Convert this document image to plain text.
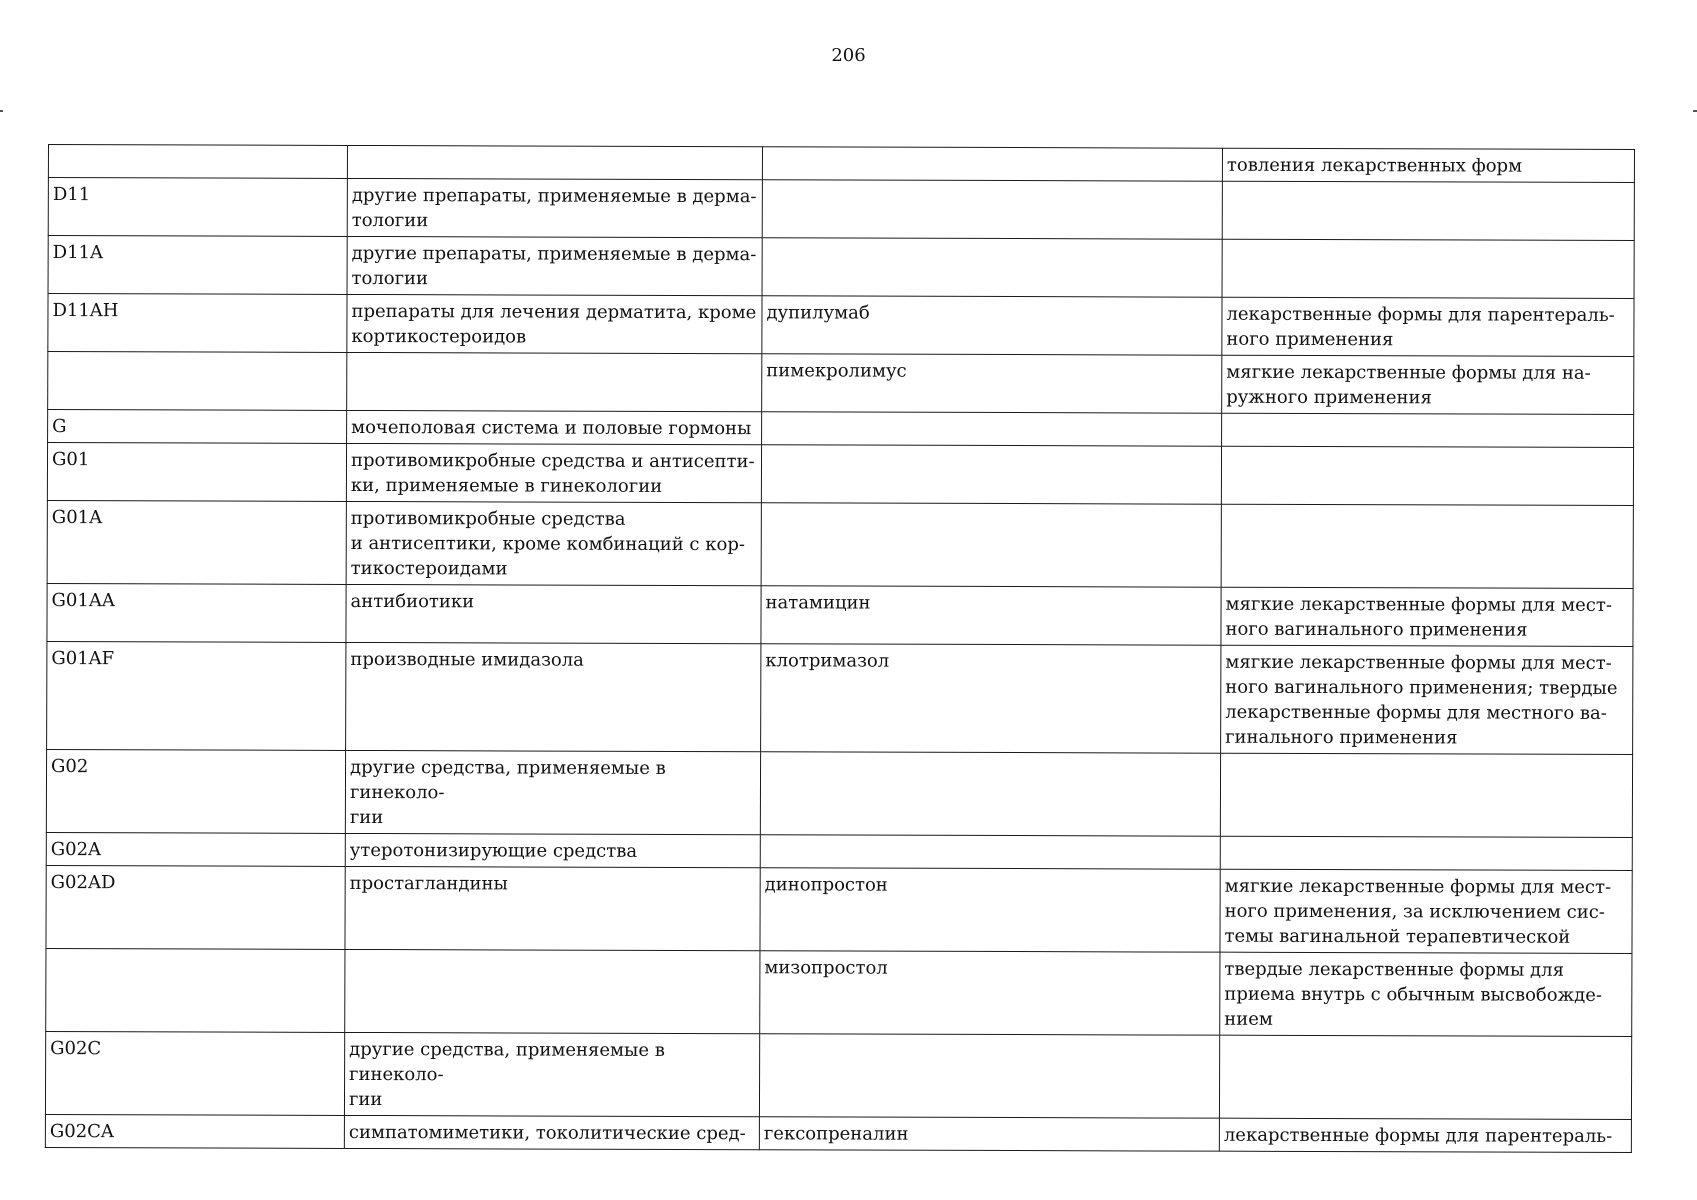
206
			товления лекарственных форм
D11	другие препараты, применяемые в дерма-
тологии		
D11A	другие препараты, применяемые в дерма-
тологии		
D11AH	препараты для лечения дерматита, кроме
кортикостероидов	дупилумаб	лекарственные формы для парентераль-
ного применения
		пимекролимус	мягкие лекарственные формы для на-
ружного применения
G	мочеполовая система и половые гормоны		
G01	противомикробные средства и антисепти-
ки, применяемые в гинекологии		
G01A	противомикробные средства
и антисептики, кроме комбинаций с кор-
тикостероидами		
G01AA	антибиотики	натамицин	мягкие лекарственные формы для мест-
ного вагинального применения
G01AF	производные имидазола	клотримазол	мягкие лекарственные формы для мест-
ного вагинального применения; твердые
лекарственные формы для местного ва-
гинального применения
G02	другие средства, применяемые в гинеколо-
гии		
G02A	утеротонизирующие средства		
G02AD	простагландины	динопростон	мягкие лекарственные формы для мест-
ного применения, за исключением сис-
темы вагинальной терапевтической
		мизопростол	твердые лекарственные формы для
приема внутрь с обычным высвобожде-
нием
G02C	другие средства, применяемые в гинеколо-
гии		
G02CA	симпатомиметики, токолитические сред-	гексопреналин	лекарственные формы для парентераль-
